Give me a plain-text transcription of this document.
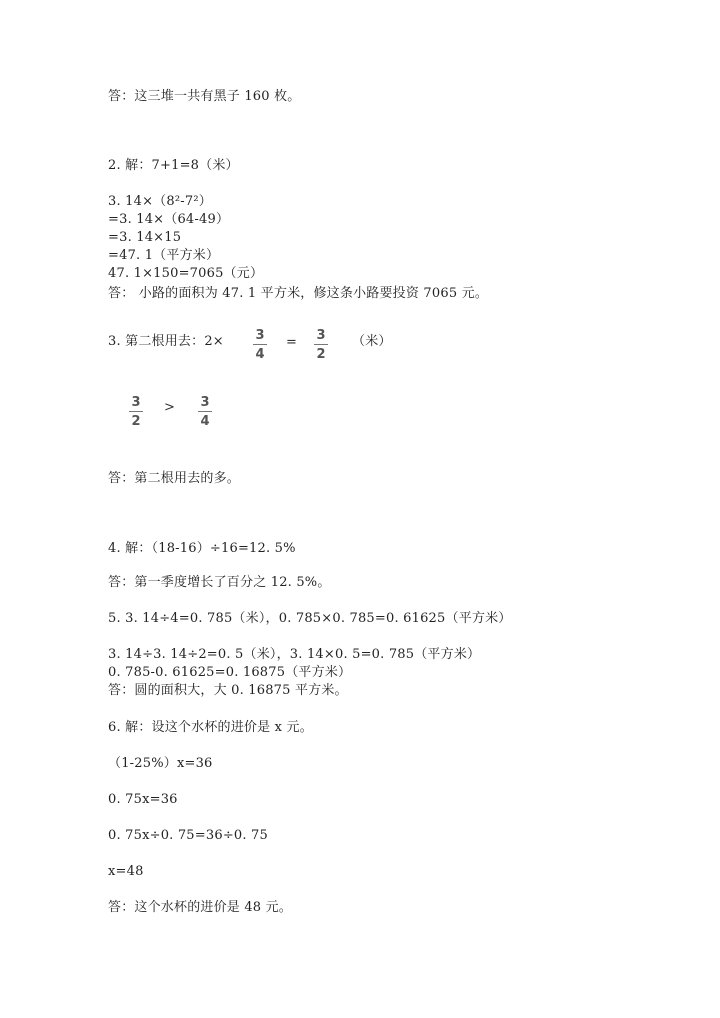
答：这三堆一共有黑子 160 枚。
2. 解：7+1=8（米）
3. 14×（8²-7²）
=3. 14×（64-49）
=3. 14×15
=47. 1（平方米）
47. 1×150=7065（元）
答： 小路的面积为 47. 1 平方米，修这条小路要投资 7065 元。
3. 第二根用去：2× 3
4
= 3
2
（米）
3
2
> 3
4
答：第二根用去的多。
4. 解：（18-16）÷16=12. 5%
答：第一季度增长了百分之 12. 5%。
5. 3. 14÷4=0. 785（米），0. 785×0. 785=0. 61625（平方米）
3. 14÷3. 14÷2=0. 5（米），3. 14×0. 5=0. 785（平方米）
0. 785-0. 61625=0. 16875（平方米）
答：圆的面积大，大 0. 16875 平方米。
6. 解：设这个水杯的进价是 x 元。
（1-25%）x=36
0. 75x=36
0. 75x÷0. 75=36÷0. 75
x=48
答：这个水杯的进价是 48 元。
